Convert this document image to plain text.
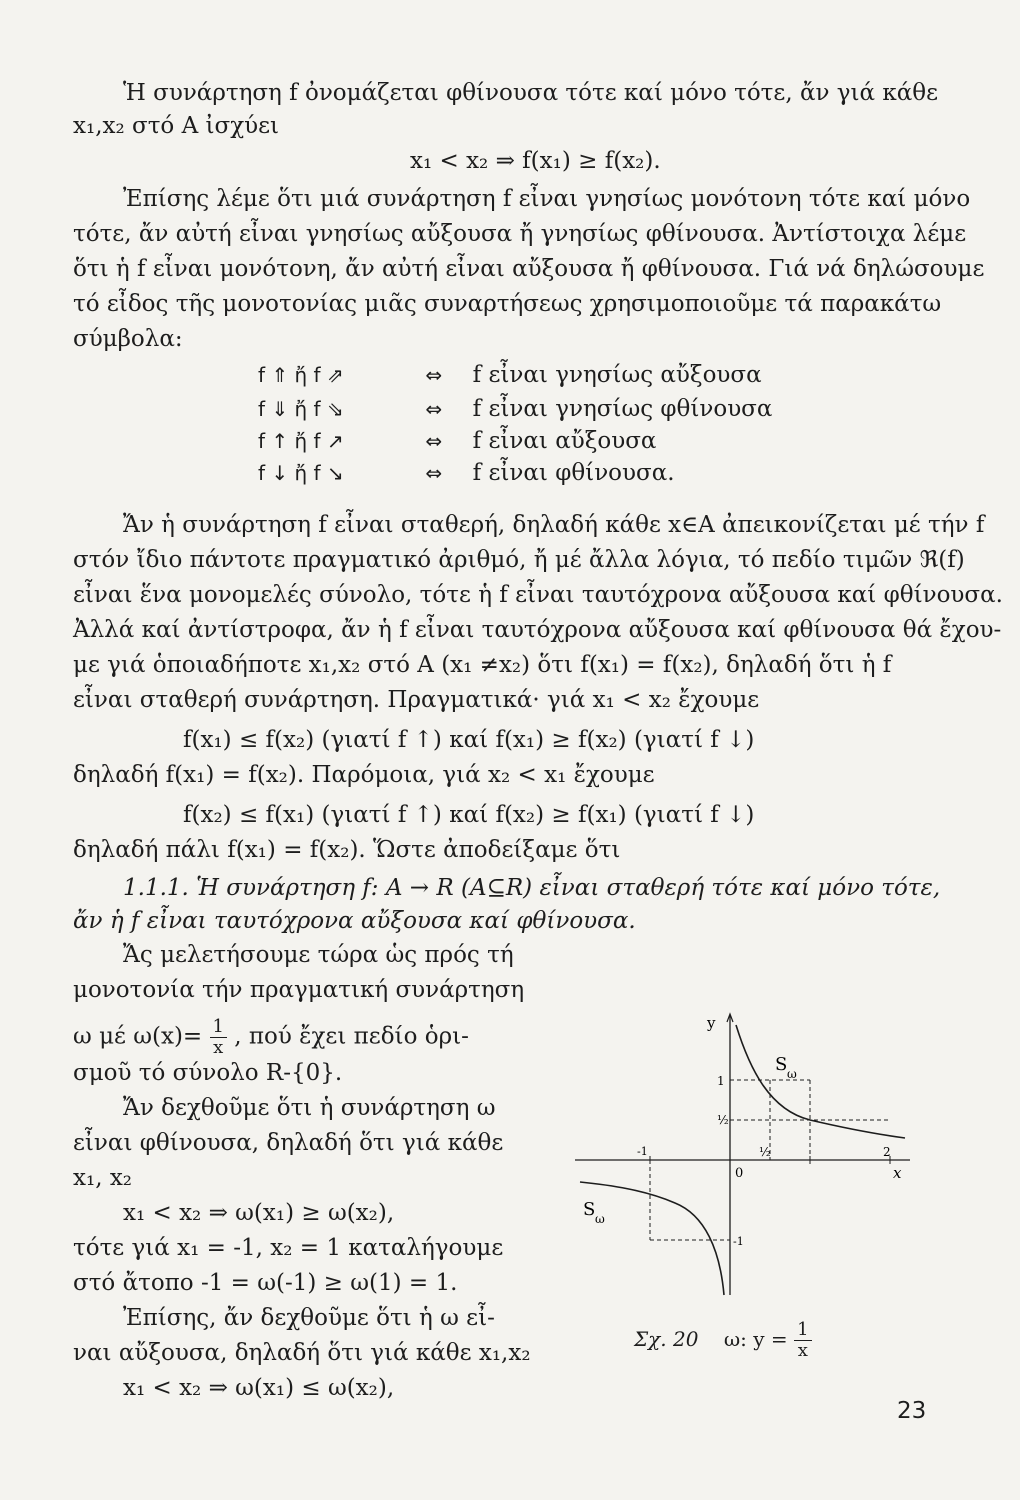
Ἡ συνάρτηση f ὀνομάζεται φθίνουσα τότε καί μόνο τότε, ἄν γιά κάθε
x₁,x₂ στό A ἰσχύει
x₁ < x₂ ⇒ f(x₁) ≥ f(x₂).
Ἐπίσης λέμε ὅτι μιά συνάρτηση f εἶναι γνησίως μονότονη τότε καί μόνο
τότε, ἄν αὐτή εἶναι γνησίως αὔξουσα ἤ γνησίως φθίνουσα. Ἀντίστοιχα λέμε
ὅτι ἡ f εἶναι μονότονη, ἄν αὐτή εἶναι αὔξουσα ἤ φθίνουσα. Γιά νά δηλώσουμε
τό εἶδος τῆς μονοτονίας μιᾶς συναρτήσεως χρησιμοποιοῦμε τά παρακάτω
σύμβολα:
f ⇑ ἤ f ⇗	⇔ f εἶναι γνησίως αὔξουσα
f ⇓ ἤ f ⇘	⇔ f εἶναι γνησίως φθίνουσα
f ↑ ἤ f ↗	⇔ f εἶναι αὔξουσα
f ↓ ἤ f ↘	⇔ f εἶναι φθίνουσα.
Ἄν ἡ συνάρτηση f εἶναι σταθερή, δηλαδή κάθε x∈A ἀπεικονίζεται μέ τήν f
στόν ἴδιο πάντοτε πραγματικό ἀριθμό, ἤ μέ ἄλλα λόγια, τό πεδίο τιμῶν ℜ(f)
εἶναι ἕνα μονομελές σύνολο, τότε ἡ f εἶναι ταυτόχρονα αὔξουσα καί φθίνουσα.
Ἀλλά καί ἀντίστροφα, ἄν ἡ f εἶναι ταυτόχρονα αὔξουσα καί φθίνουσα θά ἔχου-
με γιά ὁποιαδήποτε x₁,x₂ στό A (x₁ ≠x₂) ὅτι f(x₁) = f(x₂), δηλαδή ὅτι ἡ f
εἶναι σταθερή συνάρτηση. Πραγματικά· γιά x₁ < x₂ ἔχουμε
f(x₁) ≤ f(x₂) (γιατί f ↑) καί f(x₁) ≥ f(x₂) (γιατί f ↓)
δηλαδή f(x₁) = f(x₂). Παρόμοια, γιά x₂ < x₁ ἔχουμε
f(x₂) ≤ f(x₁) (γιατί f ↑) καί f(x₂) ≥ f(x₁) (γιατί f ↓)
δηλαδή πάλι f(x₁) = f(x₂). Ὥστε ἀποδείξαμε ὅτι
1.1.1. Ἡ συνάρτηση f: A → R (A⊆R) εἶναι σταθερή τότε καί μόνο τότε,
ἄν ἡ f εἶναι ταυτόχρονα αὔξουσα καί φθίνουσα.
Ἄς μελετήσουμε τώρα ὡς πρός τή
μονοτονία τήν πραγματική συνάρτηση
ω μέ $\omega(x)= \frac{1}{x}$ , πού ἔχει πεδίο ὁρι-
σμοῦ τό σύνολο R-{0}.
Ἄν δεχθοῦμε ὅτι ἡ συνάρτηση ω
εἶναι φθίνουσα, δηλαδή ὅτι γιά κάθε
x₁, x₂
x₁ < x₂ ⇒ ω(x₁) ≥ ω(x₂),
τότε γιά x₁ = -1, x₂ = 1 καταλήγουμε
στό ἄτοπο -1 = ω(-1) ≥ ω(1) = 1.
Ἐπίσης, ἄν δεχθοῦμε ὅτι ἡ ω εἶ-
ναι αὔξουσα, δηλαδή ὅτι γιά κάθε x₁,x₂
x₁ < x₂ ⇒ ω(x₁) ≤ ω(x₂),
y
x
0
-1	½	2
1
½
-1
S ω
S ω
Σχ. 20 ω: $y = \frac{1}{x}$
23
